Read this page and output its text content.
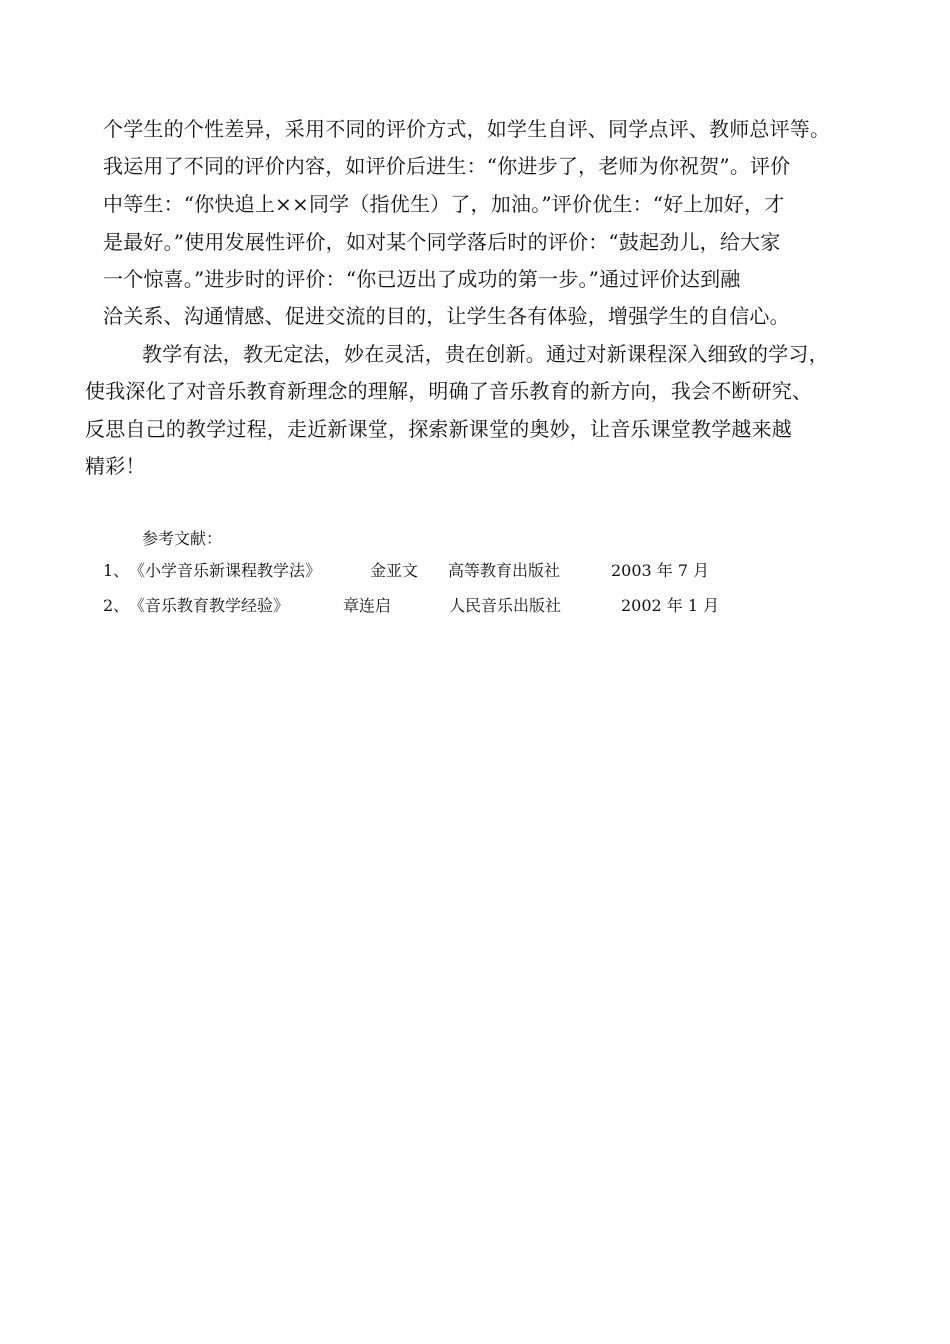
个学生的个性差异，采用不同的评价方式，如学生自评、同学点评、教师总评等。
我运用了不同的评价内容，如评价后进生：“你进步了，老师为你祝贺”。评价
中等生：“你快追上××同学（指优生）了，加油。”评价优生：“好上加好，才
是最好。”使用发展性评价，如对某个同学落后时的评价：“鼓起劲儿，给大家
一个惊喜。”进步时的评价：“你已迈出了成功的第一步。”通过评价达到融
洽关系、沟通情感、促进交流的目的，让学生各有体验，增强学生的自信心。
教学有法，教无定法，妙在灵活，贵在创新。通过对新课程深入细致的学习，
使我深化了对音乐教育新理念的理解，明确了音乐教育的新方向，我会不断研究、
反思自己的教学过程，走近新课堂，探索新课堂的奥妙，让音乐课堂教学越来越
精彩！
参考文献：
1、 《小学音乐新课程教学法》	金亚文 高等教育出版社	2003 年 7 月
2、 《音乐教育教学经验》	章连启	人民音乐出版社	2002 年 1 月
